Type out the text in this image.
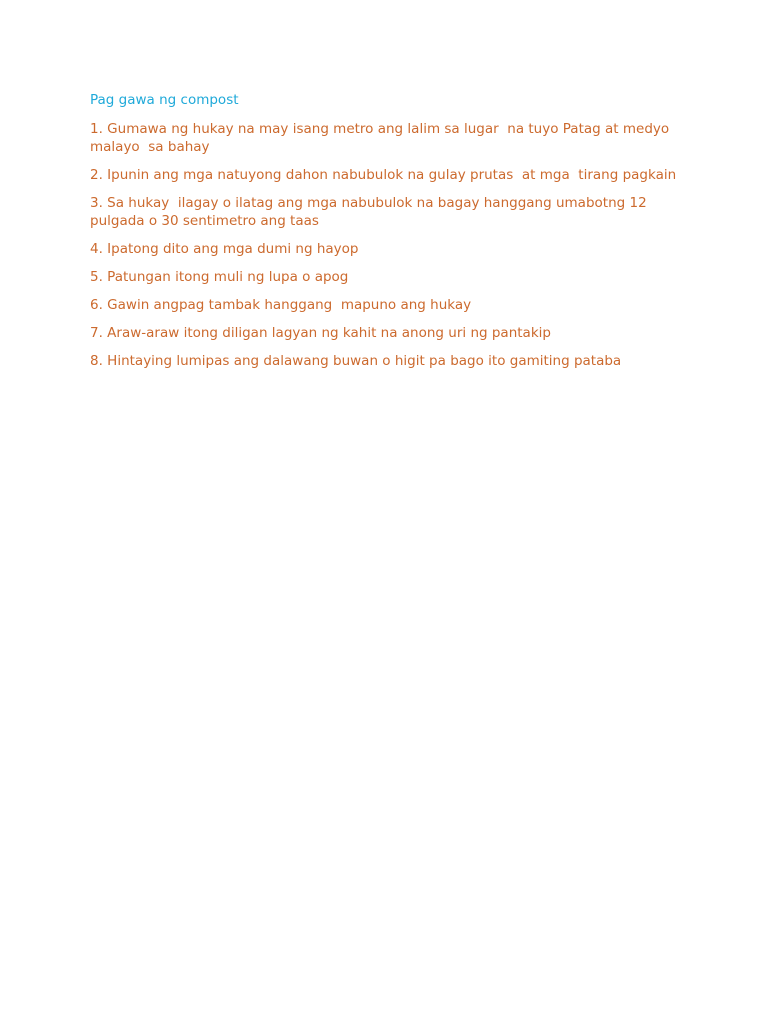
Pag gawa ng compost
1. Gumawa ng hukay na may isang metro ang lalim sa lugar  na tuyo Patag at medyo malayo  sa bahay
2. Ipunin ang mga natuyong dahon nabubulok na gulay prutas  at mga  tirang pagkain
3. Sa hukay  ilagay o ilatag ang mga nabubulok na bagay hanggang umabotng 12 pulgada o 30 sentimetro ang taas
4. Ipatong dito ang mga dumi ng hayop
5. Patungan itong muli ng lupa o apog
6. Gawin angpag tambak hanggang  mapuno ang hukay
7. Araw-araw itong diligan lagyan ng kahit na anong uri ng pantakip
8. Hintaying lumipas ang dalawang buwan o higit pa bago ito gamiting pataba
